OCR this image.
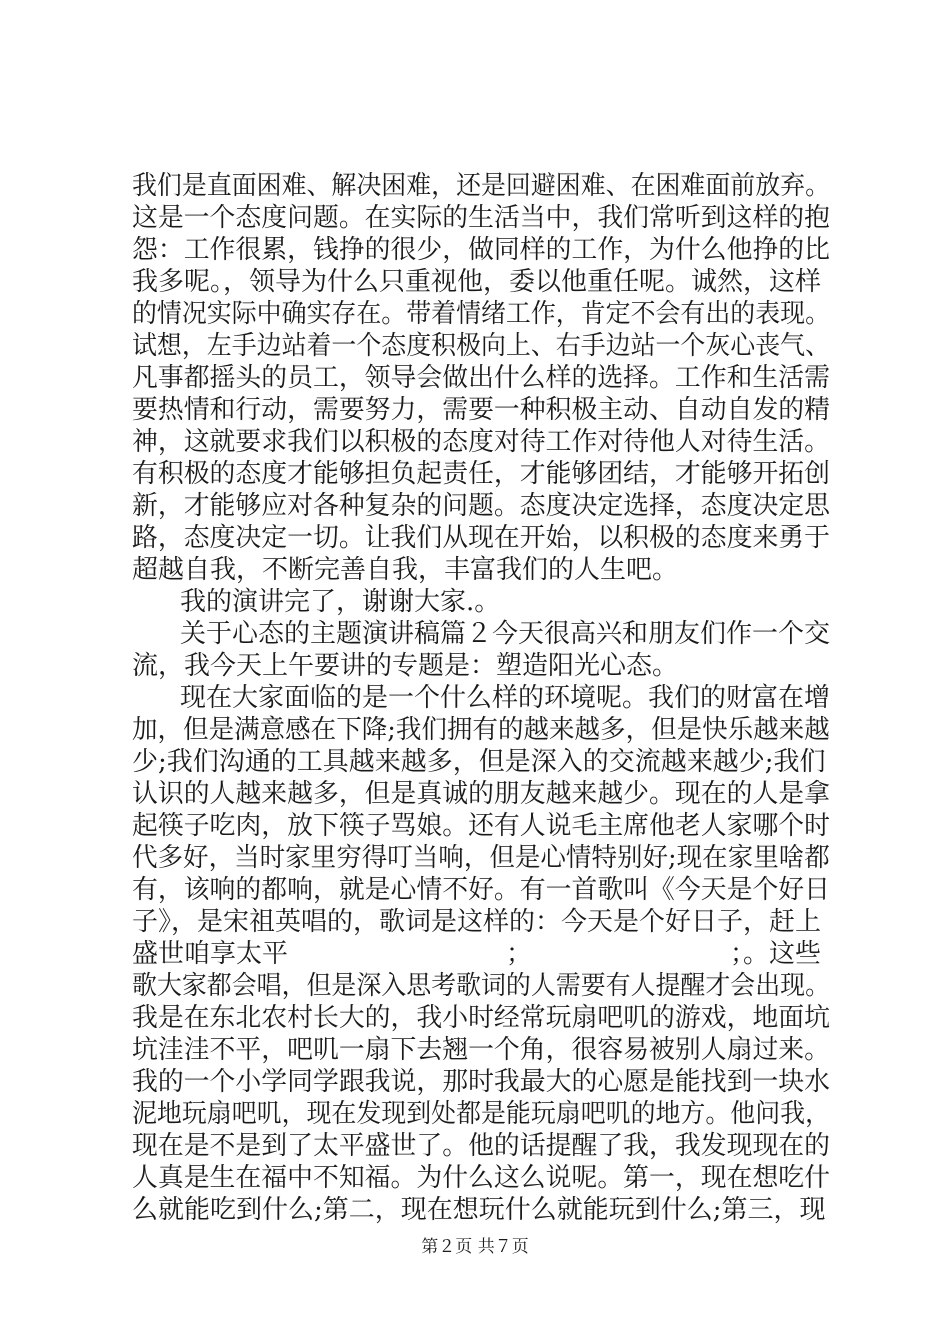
我们是直面困难、解决困难，还是回避困难、在困难面前放弃。
这是一个态度问题。在实际的生活当中，我们常听到这样的抱
怨：工作很累，钱挣的很少，做同样的工作，为什么他挣的比
我多呢。，领导为什么只重视他，委以他重任呢。诚然，这样
的情况实际中确实存在。带着情绪工作，肯定不会有出的表现。
试想，左手边站着一个态度积极向上、右手边站一个灰心丧气、
凡事都摇头的员工，领导会做出什么样的选择。工作和生活需
要热情和行动，需要努力，需要一种积极主动、自动自发的精
神，这就要求我们以积极的态度对待工作对待他人对待生活。
有积极的态度才能够担负起责任，才能够团结，才能够开拓创
新，才能够应对各种复杂的问题。态度决定选择，态度决定思
路，态度决定一切。让我们从现在开始，以积极的态度来勇于
超越自我，不断完善自我，丰富我们的人生吧。
我的演讲完了，谢谢大家.。
关于心态的主题演讲稿篇２今天很高兴和朋友们作一个交
流，我今天上午要讲的专题是：塑造阳光心态。
现在大家面临的是一个什么样的环境呢。我们的财富在增
加，但是满意感在下降;我们拥有的越来越多，但是快乐越来越
少;我们沟通的工具越来越多，但是深入的交流越来越少;我们
认识的人越来越多，但是真诚的朋友越来越少。现在的人是拿
起筷子吃肉，放下筷子骂娘。还有人说毛主席他老人家哪个时
代多好，当时家里穷得叮当响，但是心情特别好;现在家里啥都
有，该响的都响，就是心情不好。有一首歌叫《今天是个好日
子》，是宋祖英唱的，歌词是这样的：今天是个好日子，赶上
盛世咱享太平	；	；。这些
歌大家都会唱，但是深入思考歌词的人需要有人提醒才会出现。
我是在东北农村长大的，我小时经常玩扇吧叽的游戏，地面坑
坑洼洼不平，吧叽一扇下去翘一个角，很容易被别人扇过来。
我的一个小学同学跟我说，那时我最大的心愿是能找到一块水
泥地玩扇吧叽，现在发现到处都是能玩扇吧叽的地方。他问我，
现在是不是到了太平盛世了。他的话提醒了我，我发现现在的
人真是生在福中不知福。为什么这么说呢。第一，现在想吃什
么就能吃到什么;第二，现在想玩什么就能玩到什么;第三，现
第２页 共７页
